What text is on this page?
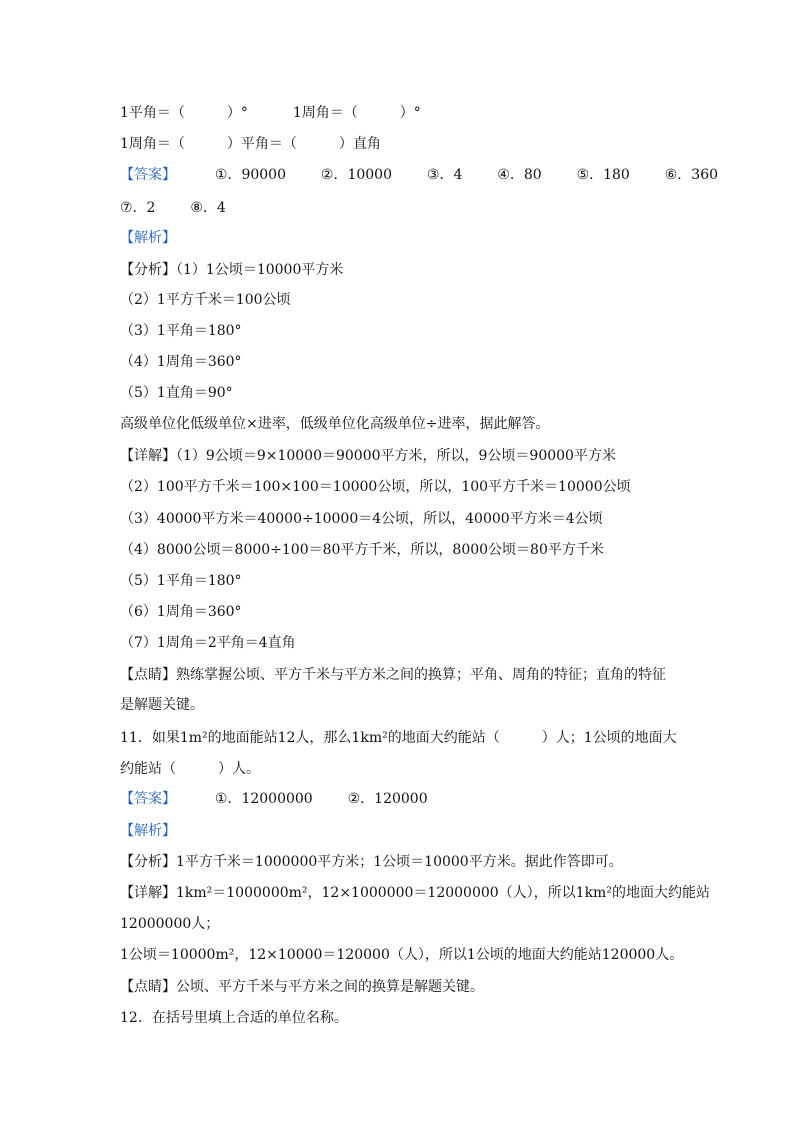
1平角＝（　　　）°	1周角＝（　　　）°
1周角＝（　　　）平角＝（　　　）直角
【答案】	①．90000 ②．10000 ③．4 ④．80 ⑤．180 ⑥．360
⑦．2 ⑧．4
【解析】
【分析】（1）1公顷＝10000平方米
（2）1平方千米＝100公顷
（3）1平角＝180°
（4）1周角＝360°
（5）1直角＝90°
高级单位化低级单位×进率，低级单位化高级单位÷进率，据此解答。
【详解】（1）9公顷＝9×10000＝90000平方米，所以，9公顷＝90000平方米
（2）100平方千米＝100×100＝10000公顷，所以，100平方千米＝10000公顷
（3）40000平方米＝40000÷10000＝4公顷，所以，40000平方米＝4公顷
（4）8000公顷＝8000÷100＝80平方千米，所以，8000公顷＝80平方千米
（5）1平角＝180°
（6）1周角＝360°
（7）1周角＝2平角＝4直角
【点睛】熟练掌握公顷、平方千米与平方米之间的换算；平角、周角的特征；直角的特征
是解题关键。
11．如果1m²的地面能站12人，那么1km²的地面大约能站（　　　）人；1公顷的地面大
约能站（　　　）人。
【答案】	①．12000000 ②．120000
【解析】
【分析】1平方千米＝1000000平方米；1公顷＝10000平方米。据此作答即可。
【详解】1km²＝1000000m²，12×1000000＝12000000（人），所以1km²的地面大约能站
12000000人；
1公顷＝10000m²，12×10000＝120000（人），所以1公顷的地面大约能站120000人。
【点睛】公顷、平方千米与平方米之间的换算是解题关键。
12．在括号里填上合适的单位名称。
